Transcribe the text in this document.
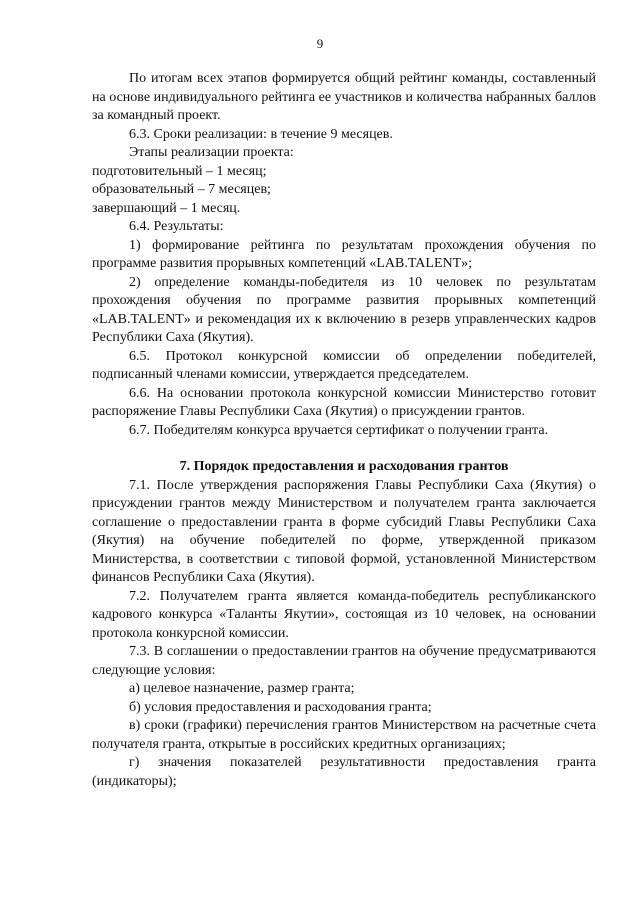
9

По итогам всех этапов формируется общий рейтинг команды, составленный на основе индивидуального рейтинга ее участников и количества набранных баллов за командный проект.

6.3. Сроки реализации: в течение 9 месяцев.

Этапы реализации проекта:

подготовительный – 1 месяц;

образовательный – 7 месяцев;

завершающий – 1 месяц.

6.4. Результаты:

1) формирование рейтинга по результатам прохождения обучения по программе развития прорывных компетенций «LAB.TALENT»;

2) определение команды-победителя из 10 человек по результатам прохождения обучения по программе развития прорывных компетенций «LAB.TALENT» и рекомендация их к включению в резерв управленческих кадров Республики Саха (Якутия).

6.5. Протокол конкурсной комиссии об определении победителей, подписанный членами комиссии, утверждается председателем.

6.6. На основании протокола конкурсной комиссии Министерство готовит распоряжение Главы Республики Саха (Якутия) о присуждении грантов.

6.7. Победителям конкурса вручается сертификат о получении гранта.

7. Порядок предоставления и расходования грантов

7.1. После утверждения распоряжения Главы Республики Саха (Якутия) о присуждении грантов между Министерством и получателем гранта заключается соглашение о предоставлении гранта в форме субсидий Главы Республики Саха (Якутия) на обучение победителей по форме, утвержденной приказом Министерства, в соответствии с типовой формой, установленной Министерством финансов Республики Саха (Якутия).

7.2. Получателем гранта является команда-победитель республиканского кадрового конкурса «Таланты Якутии», состоящая из 10 человек, на основании протокола конкурсной комиссии.

7.3. В соглашении о предоставлении грантов на обучение предусматриваются следующие условия:

а) целевое назначение, размер гранта;

б) условия предоставления и расходования гранта;

в) сроки (графики) перечисления грантов Министерством на расчетные счета получателя гранта, открытые в российских кредитных организациях;

г) значения показателей результативности предоставления гранта (индикаторы);
